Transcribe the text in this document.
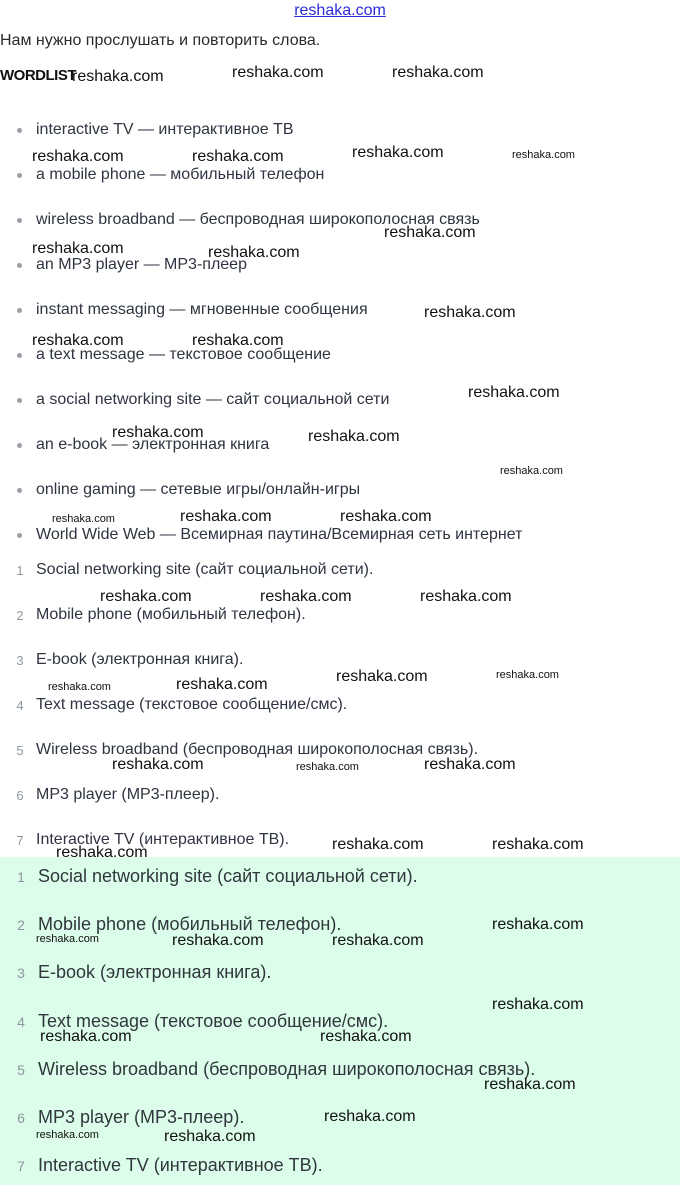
reshaka.com
Нам нужно прослушать и повторить слова.
WORDLIST
interactive TV — интерактивное ТВ
a mobile phone — мобильный телефон
wireless broadband — беспроводная широкополосная связь
an MP3 player — MP3-плеер
instant messaging — мгновенные сообщения
a text message — текстовое сообщение
a social networking site — сайт социальной сети
an e-book — электронная книга
online gaming — сетевые игры/онлайн-игры
World Wide Web — Всемирная паутина/Всемирная сеть интернет
1 Social networking site (сайт социальной сети).
2 Mobile phone (мобильный телефон).
3 E-book (электронная книга).
4 Text message (текстовое сообщение/смс).
5 Wireless broadband (беспроводная широкополосная связь).
6 MP3 player (MP3-плеер).
7 Interactive TV (интерактивное ТВ).
1 Social networking site (сайт социальной сети).
2 Mobile phone (мобильный телефон).
3 E-book (электронная книга).
4 Text message (текстовое сообщение/смс).
5 Wireless broadband (беспроводная широкополосная связь).
6 MP3 player (MP3-плеер).
7 Interactive TV (интерактивное ТВ).
reshaka.com	reshaka.com	reshaka.com
reshaka.com	reshaka.com	reshaka.com	reshaka.com
reshaka.com
reshaka.com	reshaka.com
reshaka.com
reshaka.com	reshaka.com
reshaka.com
reshaka.com	reshaka.com
reshaka.com
reshaka.com	reshaka.com	reshaka.com
reshaka.com	reshaka.com	reshaka.com
reshaka.com	reshaka.com
reshaka.com	reshaka.com
reshaka.com	reshaka.com	reshaka.com
reshaka.com	reshaka.com
reshaka.com
reshaka.com
reshaka.com	reshaka.com	reshaka.com
reshaka.com
reshaka.com	reshaka.com
reshaka.com
reshaka.com
reshaka.com	reshaka.com
